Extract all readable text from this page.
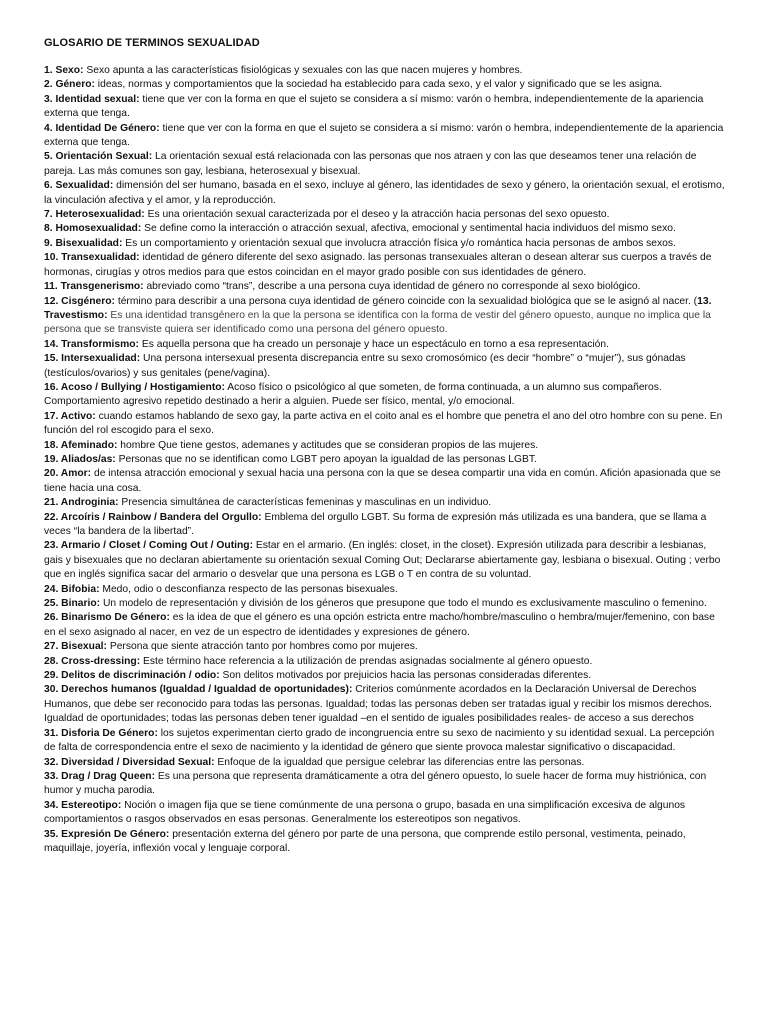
GLOSARIO DE TERMINOS SEXUALIDAD

1. Sexo: Sexo apunta a las características fisiológicas y sexuales con las que nacen mujeres y hombres.

2. Género: ideas, normas y comportamientos que la sociedad ha establecido para cada sexo, y el valor y significado que se les asigna.

3. Identidad sexual: tiene que ver con la forma en que el sujeto se considera a sí mismo: varón o hembra, independientemente de la apariencia externa que tenga.

4. Identidad De Género: tiene que ver con la forma en que el sujeto se considera a sí mismo: varón o hembra, independientemente de la apariencia externa que tenga.

5. Orientación Sexual: La orientación sexual está relacionada con las personas que nos atraen y con las que deseamos tener una relación de pareja. Las más comunes son gay, lesbiana, heterosexual y bisexual.

6. Sexualidad: dimensión del ser humano, basada en el sexo, incluye al género, las identidades de sexo y género, la orientación sexual, el erotismo, la vinculación afectiva y el amor, y la reproducción.

7. Heterosexualidad: Es una orientación sexual caracterizada por el deseo y la atracción hacia personas del sexo opuesto.

8. Homosexualidad: Se define como la interacción o atracción sexual, afectiva, emocional y sentimental hacia individuos del mismo sexo.

9. Bisexualidad: Es un comportamiento y orientación sexual que involucra atracción física y/o romántica hacia personas de ambos sexos.

10. Transexualidad: identidad de género diferente del sexo asignado. las personas transexuales alteran o desean alterar sus cuerpos a través de hormonas, cirugías y otros medios para que estos coincidan en el mayor grado posible con sus identidades de género.

11. Transgenerismo: abreviado como “trans”, describe a una persona cuya identidad de género no corresponde al sexo biológico.

12. Cisgénero: término para describir a una persona cuya identidad de género coincide con la sexualidad biológica que se le asignó al nacer. (13. Travestismo: Es una identidad transgénero en la que la persona se identifica con la forma de vestir del género opuesto, aunque no implica que la persona que se transviste quiera ser identificado como una persona del género opuesto.

14. Transformismo: Es aquella persona que ha creado un personaje y hace un espectáculo en torno a esa representación.

15. Intersexualidad: Una persona intersexual presenta discrepancia entre su sexo cromosómico (es decir “hombre” o “mujer”), sus gónadas (testículos/ovarios) y sus genitales (pene/vagina).

16. Acoso / Bullying / Hostigamiento: Acoso físico o psicológico al que someten, de forma continuada, a un alumno sus compañeros. Comportamiento agresivo repetido destinado a herir a alguien. Puede ser físico, mental, y/o emocional.

17. Activo: cuando estamos hablando de sexo gay, la parte activa en el coito anal es el hombre que penetra el ano del otro hombre con su pene. En función del rol escogido para el sexo.

18. Afeminado: hombre Que tiene gestos, ademanes y actitudes que se consideran propios de las mujeres.

19. Aliados/as: Personas que no se identifican como LGBT pero apoyan la igualdad de las personas LGBT.

20. Amor: de intensa atracción emocional y sexual hacia una persona con la que se desea compartir una vida en común. Afición apasionada que se tiene hacia una cosa.

21. Androginia: Presencia simultánea de características femeninas y masculinas en un individuo.

22. Arcoíris / Rainbow / Bandera del Orgullo: Emblema del orgullo LGBT. Su forma de expresión más utilizada es una bandera, que se llama a veces “la bandera de la libertad”.

23. Armario / Closet / Coming Out / Outing: Estar en el armario. (En inglés: closet, in the closet). Expresión utilizada para describir a lesbianas, gais y bisexuales que no declaran abiertamente su orientación sexual Coming Out; Declararse abiertamente gay, lesbiana o bisexual. Outing ; verbo que en inglés significa sacar del armario o desvelar que una persona es LGB o T en contra de su voluntad.

24. Bifobia: Medo, odio o desconfianza respecto de las personas bisexuales.

25. Binario: Un modelo de representación y división de los géneros que presupone que todo el mundo es exclusivamente masculino o femenino.

26. Binarismo De Género: es la idea de que el género es una opción estricta entre macho/hombre/masculino o hembra/mujer/femenino, con base en el sexo asignado al nacer, en vez de un espectro de identidades y expresiones de género.

27. Bisexual: Persona que siente atracción tanto por hombres como por mujeres.

28. Cross-dressing: Este término hace referencia a la utilización de prendas asignadas socialmente al género opuesto.

29. Delitos de discriminación / odio: Son delitos motivados por prejuicios hacia las personas consideradas diferentes.

30. Derechos humanos (Igualdad / Igualdad de oportunidades): Criterios comúnmente acordados en la Declaración Universal de Derechos Humanos, que debe ser reconocido para todas las personas. Igualdad; todas las personas deben ser tratadas igual y recibir los mismos derechos. Igualdad de oportunidades; todas las personas deben tener igualdad –en el sentido de iguales posibilidades reales- de acceso a sus derechos

31. Disforia De Género: los sujetos experimentan cierto grado de incongruencia entre su sexo de nacimiento y su identidad sexual. La percepción de falta de correspondencia entre el sexo de nacimiento y la identidad de género que siente provoca malestar significativo o discapacidad.

32. Diversidad / Diversidad Sexual: Enfoque de la igualdad que persigue celebrar las diferencias entre las personas.

33. Drag / Drag Queen: Es una persona que representa dramáticamente a otra del género opuesto, lo suele hacer de forma muy histriónica, con humor y mucha parodia.

34. Estereotipo: Noción o imagen fija que se tiene comúnmente de una persona o grupo, basada en una simplificación excesiva de algunos comportamientos o rasgos observados en esas personas. Generalmente los estereotipos son negativos.

35. Expresión De Género: presentación externa del género por parte de una persona, que comprende estilo personal, vestimenta, peinado, maquillaje, joyería, inflexión vocal y lenguaje corporal.
